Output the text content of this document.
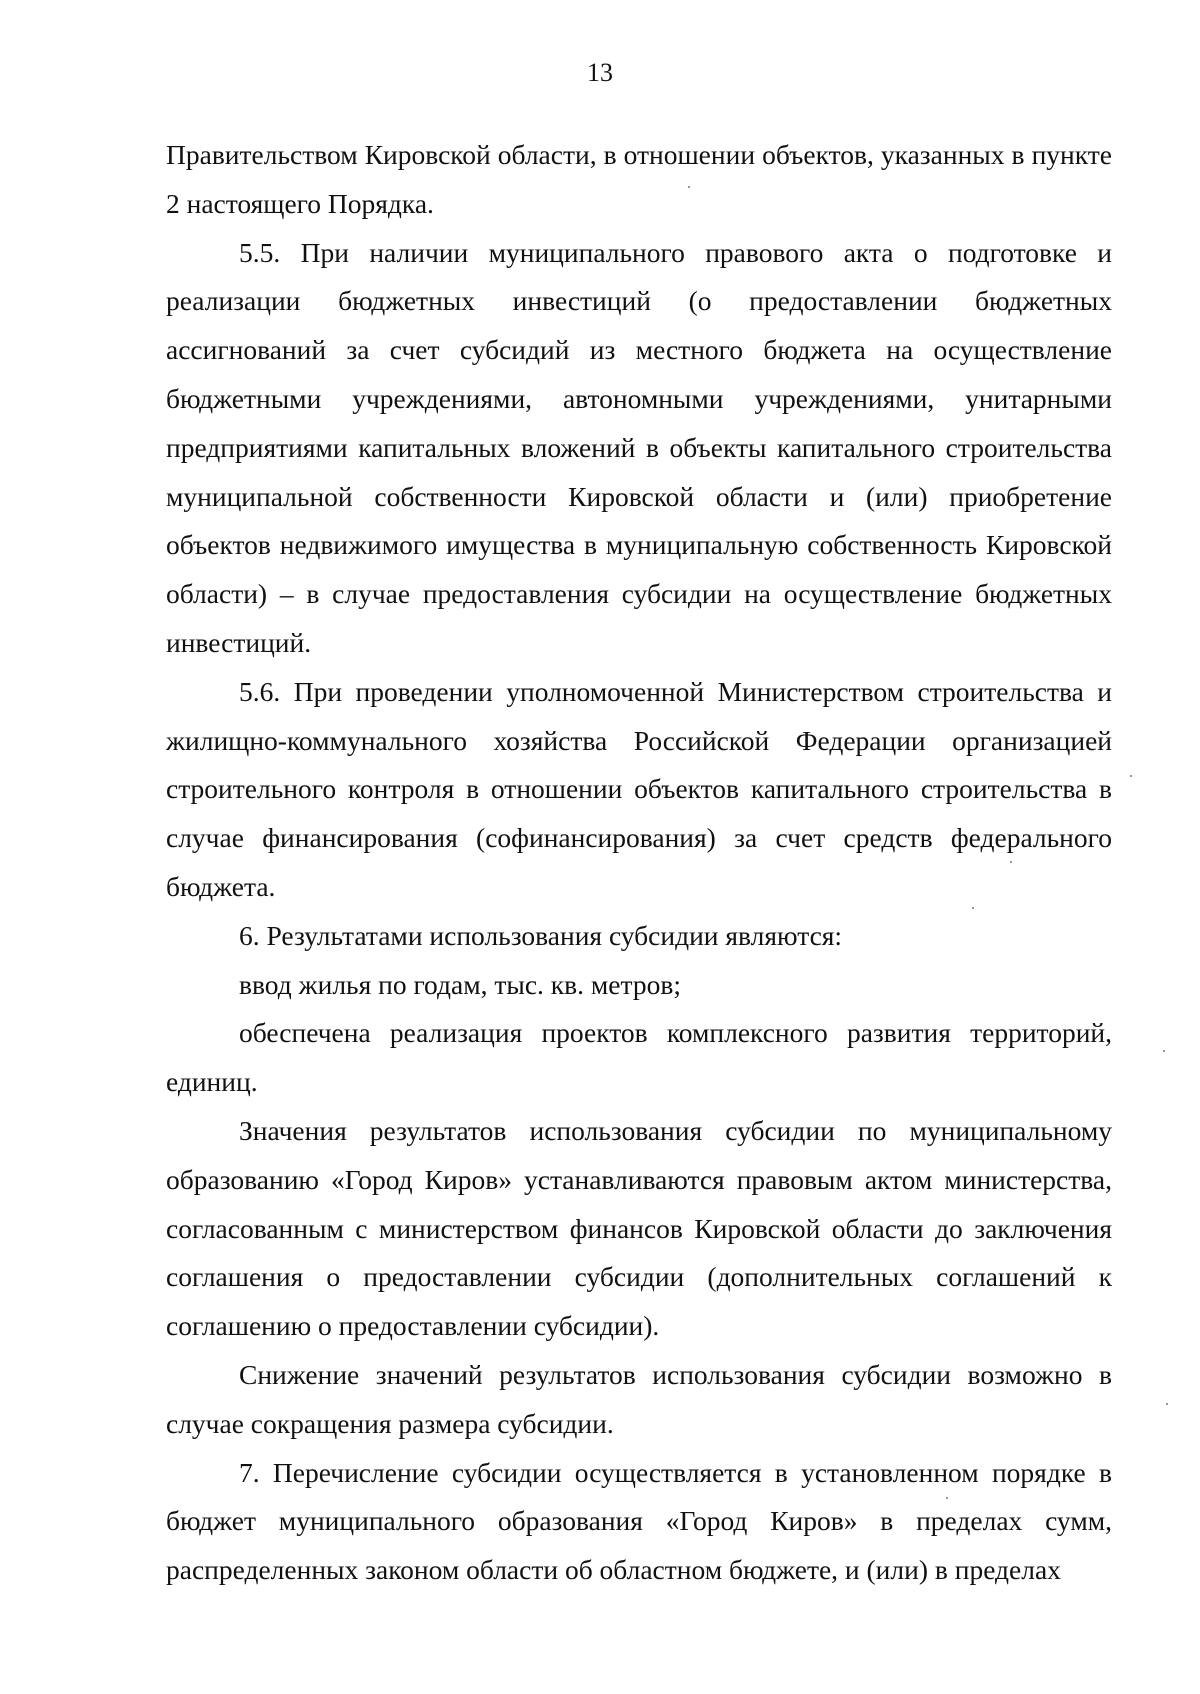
13

Правительством Кировской области, в отношении объектов, указанных в пункте 2 настоящего Порядка.

5.5. При наличии муниципального правового акта о подготовке и реализации бюджетных инвестиций (о предоставлении бюджетных ассигнований за счет субсидий из местного бюджета на осуществление бюджетными учреждениями, автономными учреждениями, унитарными предприятиями капитальных вложений в объекты капитального строительства муниципальной собственности Кировской области и (или) приобретение объектов недвижимого имущества в муниципальную собственность Кировской области) – в случае предоставления субсидии на осуществление бюджетных инвестиций.

5.6. При проведении уполномоченной Министерством строительства и жилищно-коммунального хозяйства Российской Федерации организацией строительного контроля в отношении объектов капитального строительства в случае финансирования (софинансирования) за счет средств федерального бюджета.

6. Результатами использования субсидии являются:

ввод жилья по годам, тыс. кв. метров;

обеспечена реализация проектов комплексного развития территорий, единиц.

Значения результатов использования субсидии по муниципальному образованию «Город Киров» устанавливаются правовым актом министерства, согласованным с министерством финансов Кировской области до заключения соглашения о предоставлении субсидии (дополнительных соглашений к соглашению о предоставлении субсидии).

Снижение значений результатов использования субсидии возможно в случае сокращения размера субсидии.

7. Перечисление субсидии осуществляется в установленном порядке в бюджет муниципального образования «Город Киров» в пределах сумм, распределенных законом области об областном бюджете, и (или) в пределах
